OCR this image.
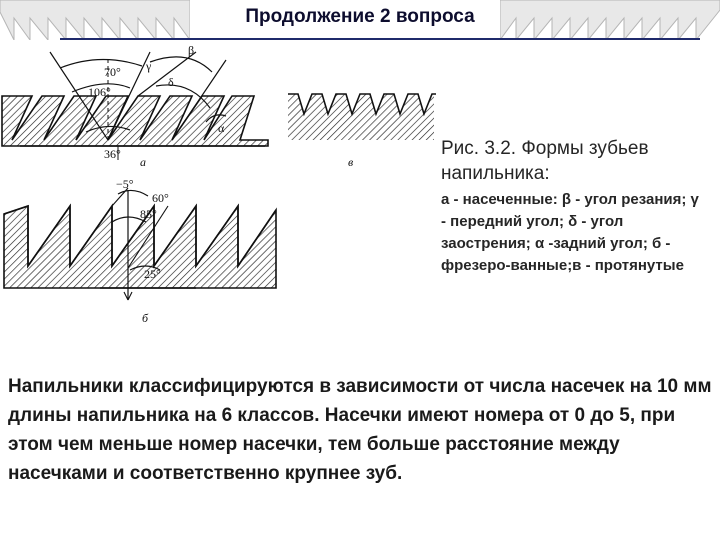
Продолжение 2 вопроса
β
γ
δ
α
70°
106°
36°
а	в
−5°
60°
85°
25°
б
Рис. 3.2. Формы зубьев напильника:
а - насеченные: β - угол резания; γ - передний угол; δ - угол заострения; α -задний угол; б - фрезеро-ванные;в - протянутые
Напильники классифицируются в зависимости от числа насечек на 10 мм длины напильника на 6 классов. Насечки имеют номера от 0 до 5, при этом чем меньше номер насечки, тем больше расстояние между насечками и соответственно крупнее зуб.
